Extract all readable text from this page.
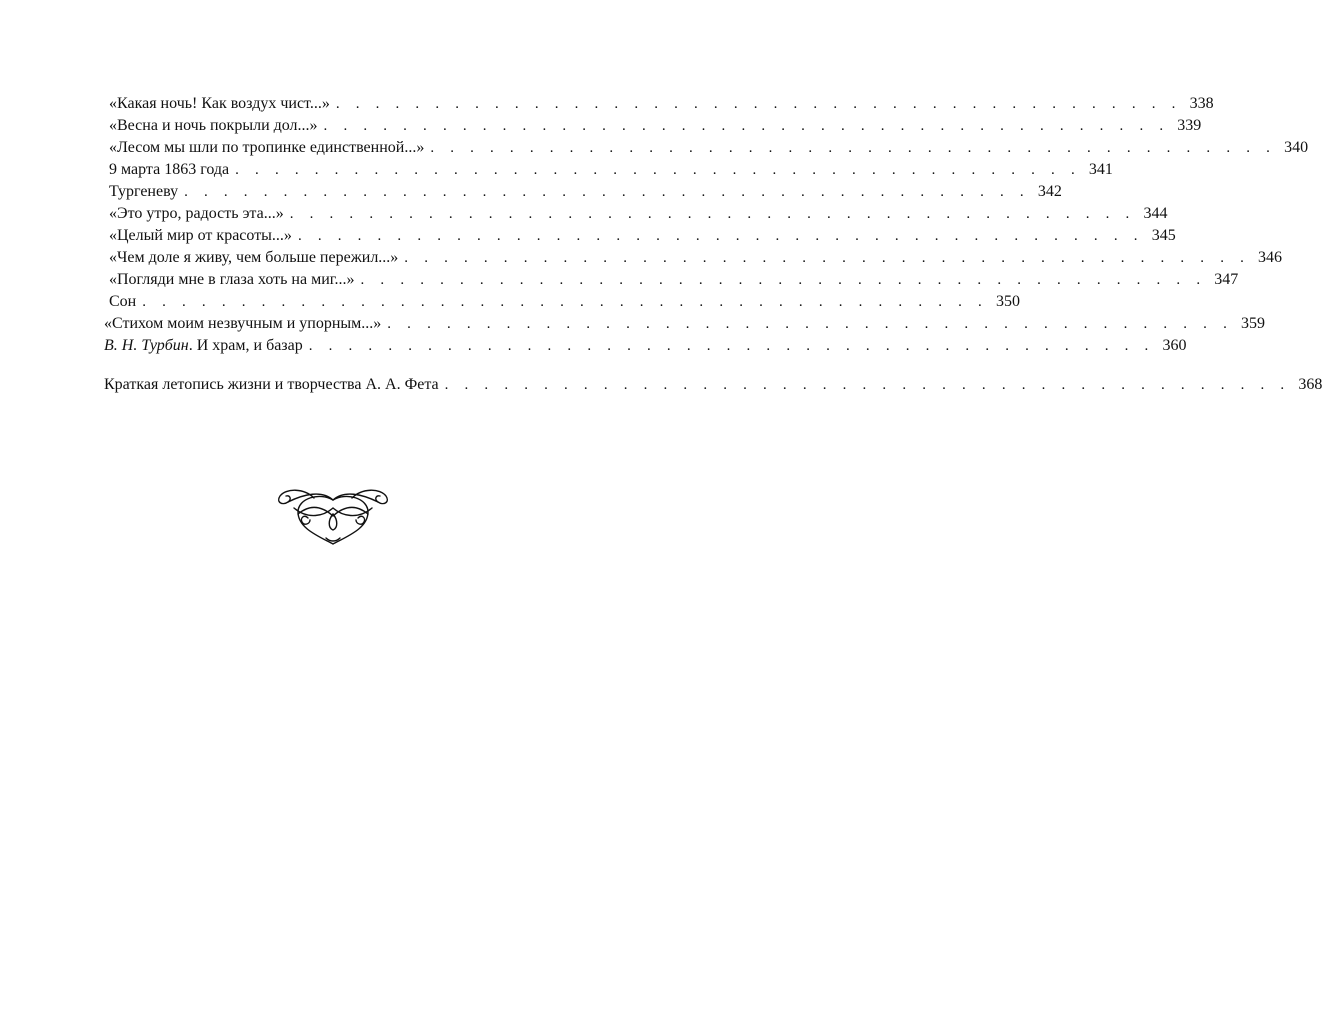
«Какая ночь! Как воздух чист...» . . . . . . . . . . . . . . . . . . . . . . . . . . . . . . . . . . . . . . . . . . . 338
«Весна и ночь покрыли дол...» . . . . . . . . . . . . . . . . . . . . . . . . . . . . . . . . . . . . . . . . . . . 339
«Лесом мы шли по тропинке единственной...» . . . . . . . . . . . . . . . . . . . . . . . . . . . . . . . . . . . . . . . . . . . 340
9 марта 1863 года . . . . . . . . . . . . . . . . . . . . . . . . . . . . . . . . . . . . . . . . . . . 341
Тургеневу . . . . . . . . . . . . . . . . . . . . . . . . . . . . . . . . . . . . . . . . . . . 342
«Это утро, радость эта...» . . . . . . . . . . . . . . . . . . . . . . . . . . . . . . . . . . . . . . . . . . . 344
«Целый мир от красоты...» . . . . . . . . . . . . . . . . . . . . . . . . . . . . . . . . . . . . . . . . . . . 345
«Чем доле я живу, чем больше пережил...» . . . . . . . . . . . . . . . . . . . . . . . . . . . . . . . . . . . . . . . . . . . 346
«Погляди мне в глаза хоть на миг...» . . . . . . . . . . . . . . . . . . . . . . . . . . . . . . . . . . . . . . . . . . . 347
Сон . . . . . . . . . . . . . . . . . . . . . . . . . . . . . . . . . . . . . . . . . . . 350
«Стихом моим незвучным и упорным...» . . . . . . . . . . . . . . . . . . . . . . . . . . . . . . . . . . . . . . . . . . . 359
В. Н. Турбин. И храм, и базар . . . . . . . . . . . . . . . . . . . . . . . . . . . . . . . . . . . . . . . . . . . 360
Краткая летопись жизни и творчества А. А. Фета . . . . . . . . . . . . . . . . . . . . . . . . . . . . . . . . . . . . . . . . . . . 368
